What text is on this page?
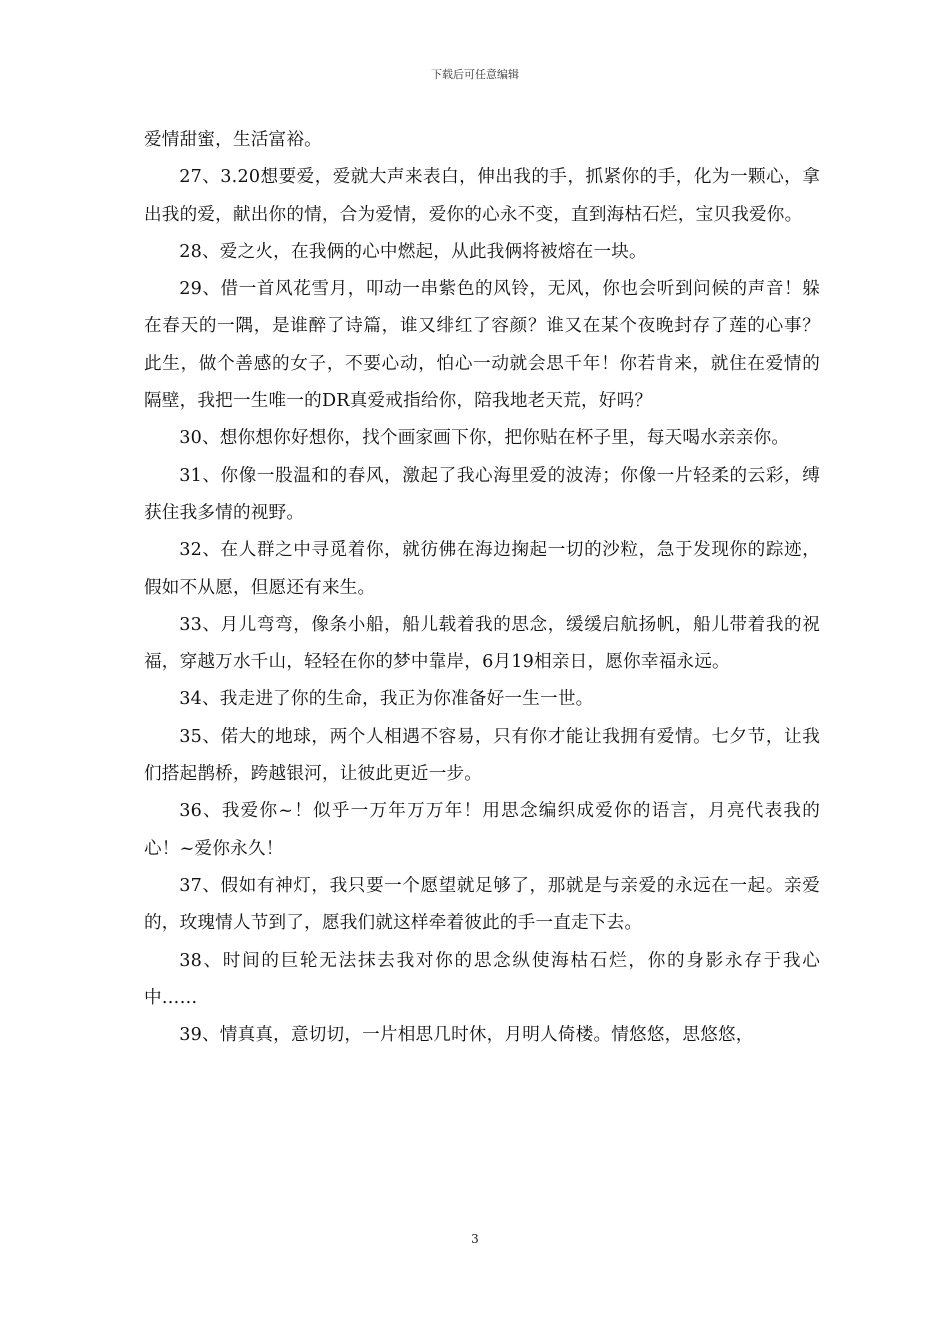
下载后可任意编辑

爱情甜蜜，生活富裕。

27、3.20想要爱，爱就大声来表白，伸出我的手，抓紧你的手，化为一颗心，拿出我的爱，献出你的情，合为爱情，爱你的心永不变，直到海枯石烂，宝贝我爱你。

28、爱之火，在我俩的心中燃起，从此我俩将被熔在一块。

29、借一首风花雪月，叩动一串紫色的风铃，无风，你也会听到问候的声音！躲在春天的一隅，是谁醉了诗篇，谁又绯红了容颜？谁又在某个夜晚封存了莲的心事？此生，做个善感的女子，不要心动，怕心一动就会思千年！你若肯来，就住在爱情的隔壁，我把一生唯一的DR真爱戒指给你，陪我地老天荒，好吗？

30、想你想你好想你，找个画家画下你，把你贴在杯子里，每天喝水亲亲你。

31、你像一股温和的春风，激起了我心海里爱的波涛；你像一片轻柔的云彩，缚获住我多情的视野。

32、在人群之中寻觅着你，就彷佛在海边掬起一切的沙粒，急于发现你的踪迹，假如不从愿，但愿还有来生。

33、月儿弯弯，像条小船，船儿载着我的思念，缓缓启航扬帆，船儿带着我的祝福，穿越万水千山，轻轻在你的梦中靠岸，6月19相亲日，愿你幸福永远。

34、我走进了你的生命，我正为你准备好一生一世。

35、偌大的地球，两个人相遇不容易，只有你才能让我拥有爱情。七夕节，让我们搭起鹊桥，跨越银河，让彼此更近一步。

36、我爱你~！似乎一万年万万年！用思念编织成爱你的语言，月亮代表我的心！~爱你永久！

37、假如有神灯，我只要一个愿望就足够了，那就是与亲爱的永远在一起。亲爱的，玫瑰情人节到了，愿我们就这样牵着彼此的手一直走下去。

38、时间的巨轮无法抹去我对你的思念纵使海枯石烂，你的身影永存于我心中……

39、情真真，意切切，一片相思几时休，月明人倚楼。情悠悠，思悠悠，

3
